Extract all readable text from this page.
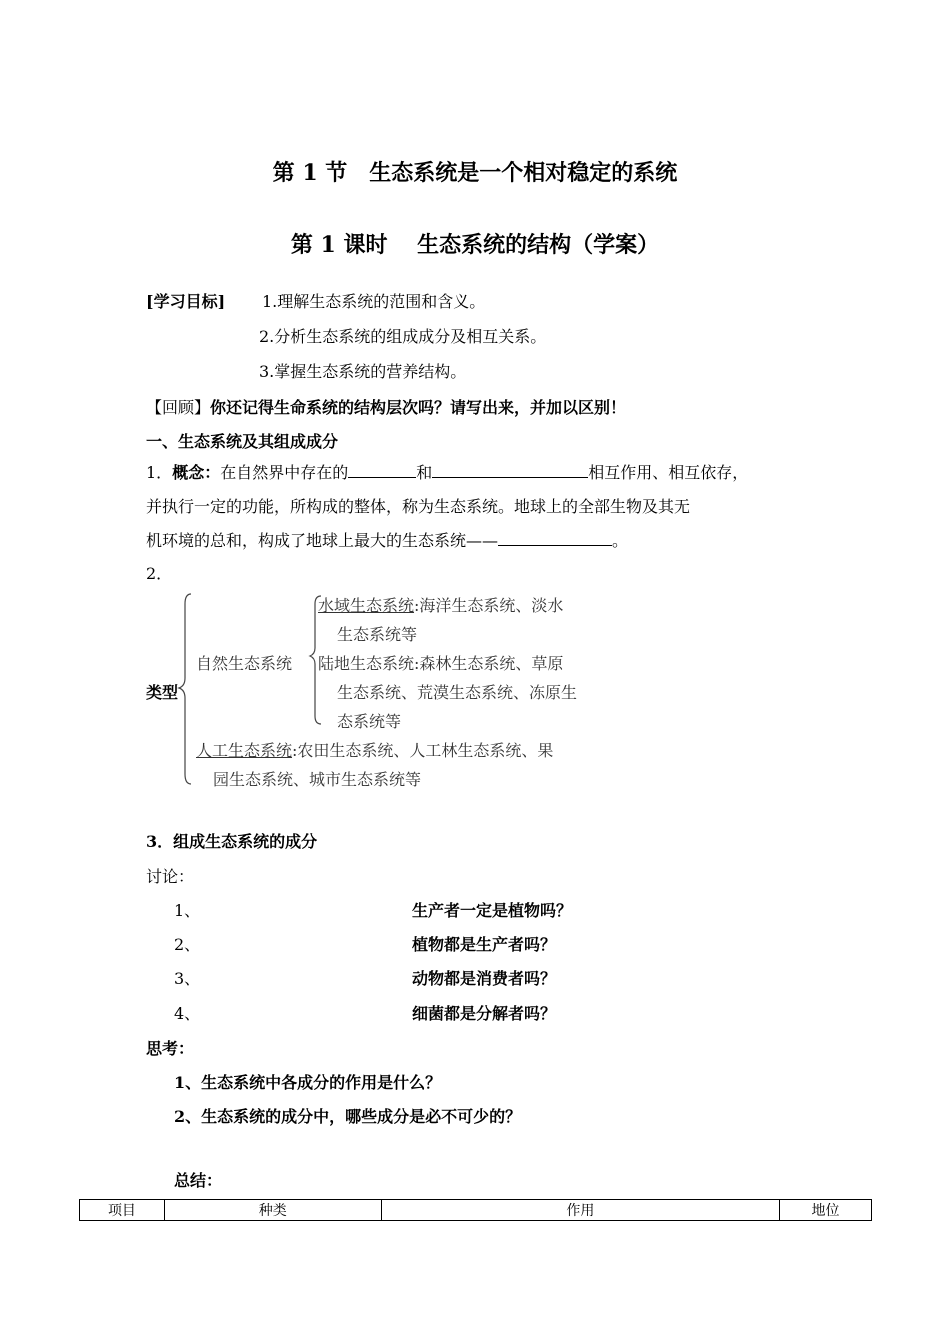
第 1 节　生态系统是一个相对稳定的系统
第 1 课时　 生态系统的结构（学案）
[学习目标] 1.理解生态系统的范围和含义。
2.分析生态系统的组成成分及相互关系。
3.掌握生态系统的营养结构。
【回顾】你还记得生命系统的结构层次吗？请写出来，并加以区别！
一、生态系统及其组成成分
1．概念：在自然界中存在的	和	相互作用、相互依存，
并执行一定的功能，所构成的整体，称为生态系统。地球上的全部生物及其无
机环境的总和，构成了地球上最大的生态系统——	。
2．
类型
自然生态系统
水域生态系统:海洋生态系统、淡水
生态系统等
陆地生态系统:森林生态系统、草原
生态系统、荒漠生态系统、冻原生
态系统等
人工生态系统:农田生态系统、人工林生态系统、果
园生态系统、城市生态系统等
3．组成生态系统的成分
讨论：
1、	生产者一定是植物吗？
2、	植物都是生产者吗？
3、	动物都是消费者吗？
4、	细菌都是分解者吗？
思考：
1、生态系统中各成分的作用是什么？
2、生态系统的成分中，哪些成分是必不可少的？
总结：
项目	种类	作用	地位
